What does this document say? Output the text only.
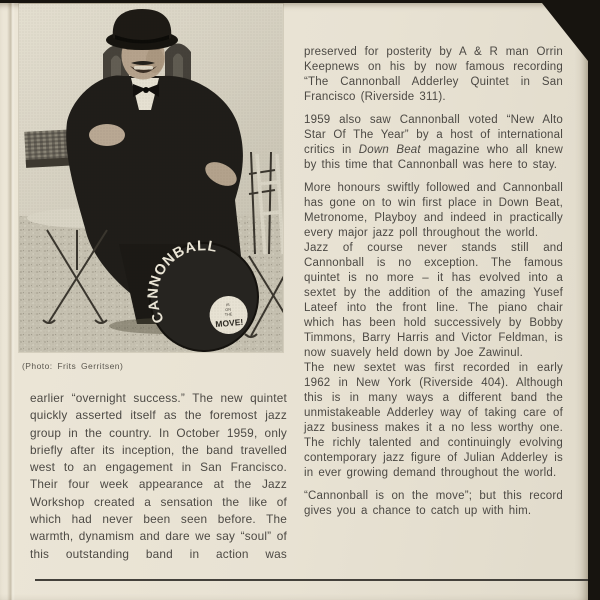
(Photo: Frits Gerritsen)

earlier “overnight success.” The new quintet quickly asserted itself as the foremost jazz group in the country. In October 1959, only briefly after its inception, the band travelled west to an engagement in San Francisco. Their four week appearance at the Jazz Workshop created a sensation the like of which had never been seen before. The warmth, dynamism and dare we say “soul” of this outstanding band in action was

preserved for posterity by A & R man Orrin Keepnews on his by now famous recording “The Cannonball Adderley Quintet in San Francisco (Riverside 311).

1959 also saw Cannonball voted “New Alto Star Of The Year” by a host of international critics in Down Beat magazine who all knew by this time that Cannonball was here to stay.

More honours swiftly followed and Cannonball has gone on to win first place in Down Beat, Metronome, Playboy and indeed in practically every major jazz poll throughout the world.

Jazz of course never stands still and Cannonball is no exception. The famous quintet is no more – it has evolved into a sextet by the addition of the amazing Yusef Lateef into the front line. The piano chair which has been hold successively by Bobby Timmons, Barry Harris and Victor Feldman, is now suavely held down by Joe Zawinul.

The new sextet was first recorded in early 1962 in New York (Riverside 404). Although this is in many ways a different band the unmistakeable Adderley way of taking care of jazz business makes it a no less worthy one. The richly talented and continuingly evolving contemporary jazz figure of Julian Adderley is in ever growing demand throughout the world.

“Cannonball is on the move”; but this record gives you a chance to catch up with him.
